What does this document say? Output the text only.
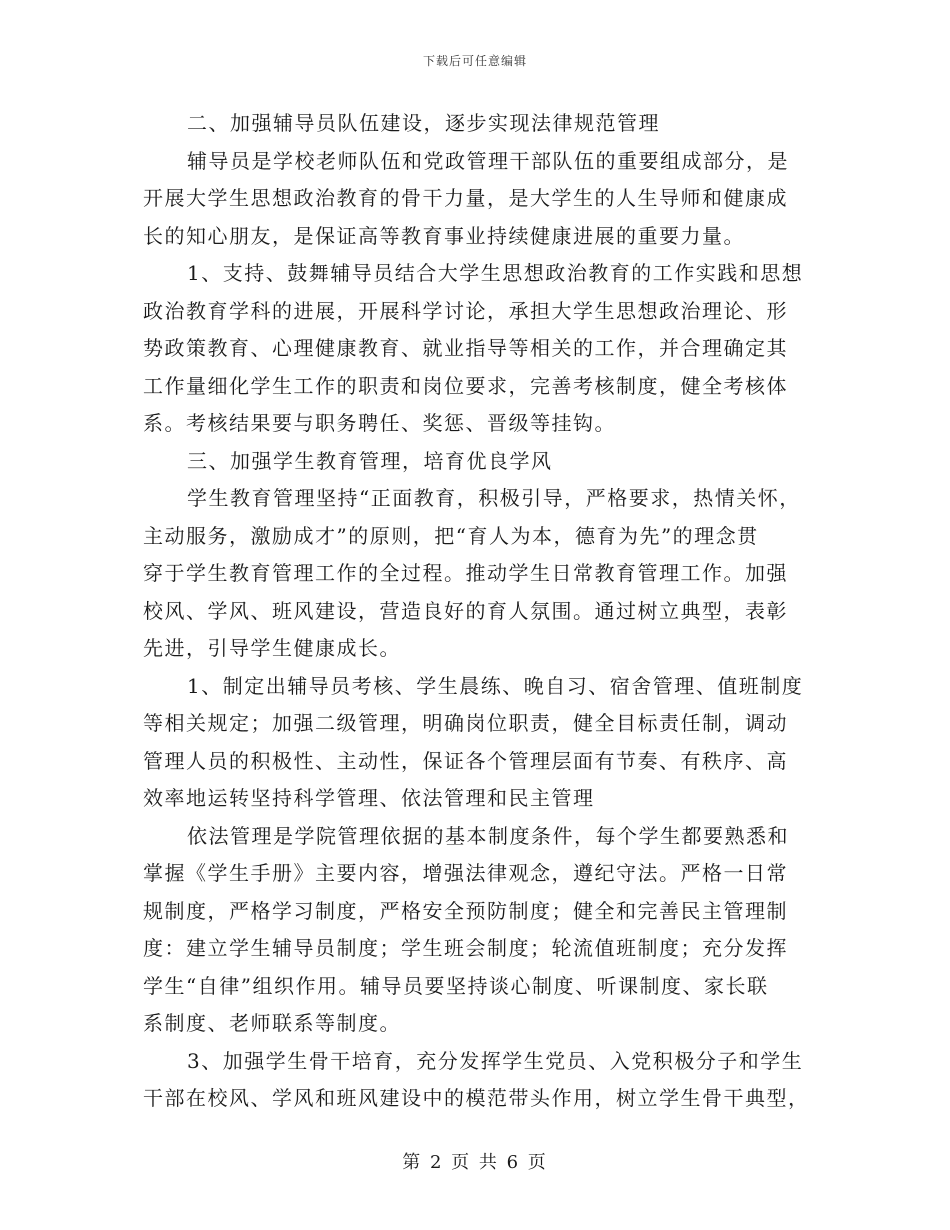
下载后可任意编辑
二、加强辅导员队伍建设，逐步实现法律规范管理
辅导员是学校老师队伍和党政管理干部队伍的重要组成部分，是
开展大学生思想政治教育的骨干力量，是大学生的人生导师和健康成
长的知心朋友，是保证高等教育事业持续健康进展的重要力量。
1、支持、鼓舞辅导员结合大学生思想政治教育的工作实践和思想
政治教育学科的进展，开展科学讨论，承担大学生思想政治理论、形
势政策教育、心理健康教育、就业指导等相关的工作，并合理确定其
工作量细化学生工作的职责和岗位要求，完善考核制度，健全考核体
系。考核结果要与职务聘任、奖惩、晋级等挂钩。
三、加强学生教育管理，培育优良学风
学生教育管理坚持“正面教育，积极引导，严格要求，热情关怀，
主动服务，激励成才”的原则，把“育人为本，德育为先”的理念贯
穿于学生教育管理工作的全过程。推动学生日常教育管理工作。加强
校风、学风、班风建设，营造良好的育人氛围。通过树立典型，表彰
先进，引导学生健康成长。
1、制定出辅导员考核、学生晨练、晚自习、宿舍管理、值班制度
等相关规定；加强二级管理，明确岗位职责，健全目标责任制，调动
管理人员的积极性、主动性，保证各个管理层面有节奏、有秩序、高
效率地运转坚持科学管理、依法管理和民主管理
依法管理是学院管理依据的基本制度条件，每个学生都要熟悉和
掌握《学生手册》主要内容，增强法律观念，遵纪守法。严格一日常
规制度，严格学习制度，严格安全预防制度；健全和完善民主管理制
度：建立学生辅导员制度；学生班会制度；轮流值班制度；充分发挥
学生“自律”组织作用。辅导员要坚持谈心制度、听课制度、家长联
系制度、老师联系等制度。
3、加强学生骨干培育，充分发挥学生党员、入党积极分子和学生
干部在校风、学风和班风建设中的模范带头作用，树立学生骨干典型，
第 2 页 共 6 页
